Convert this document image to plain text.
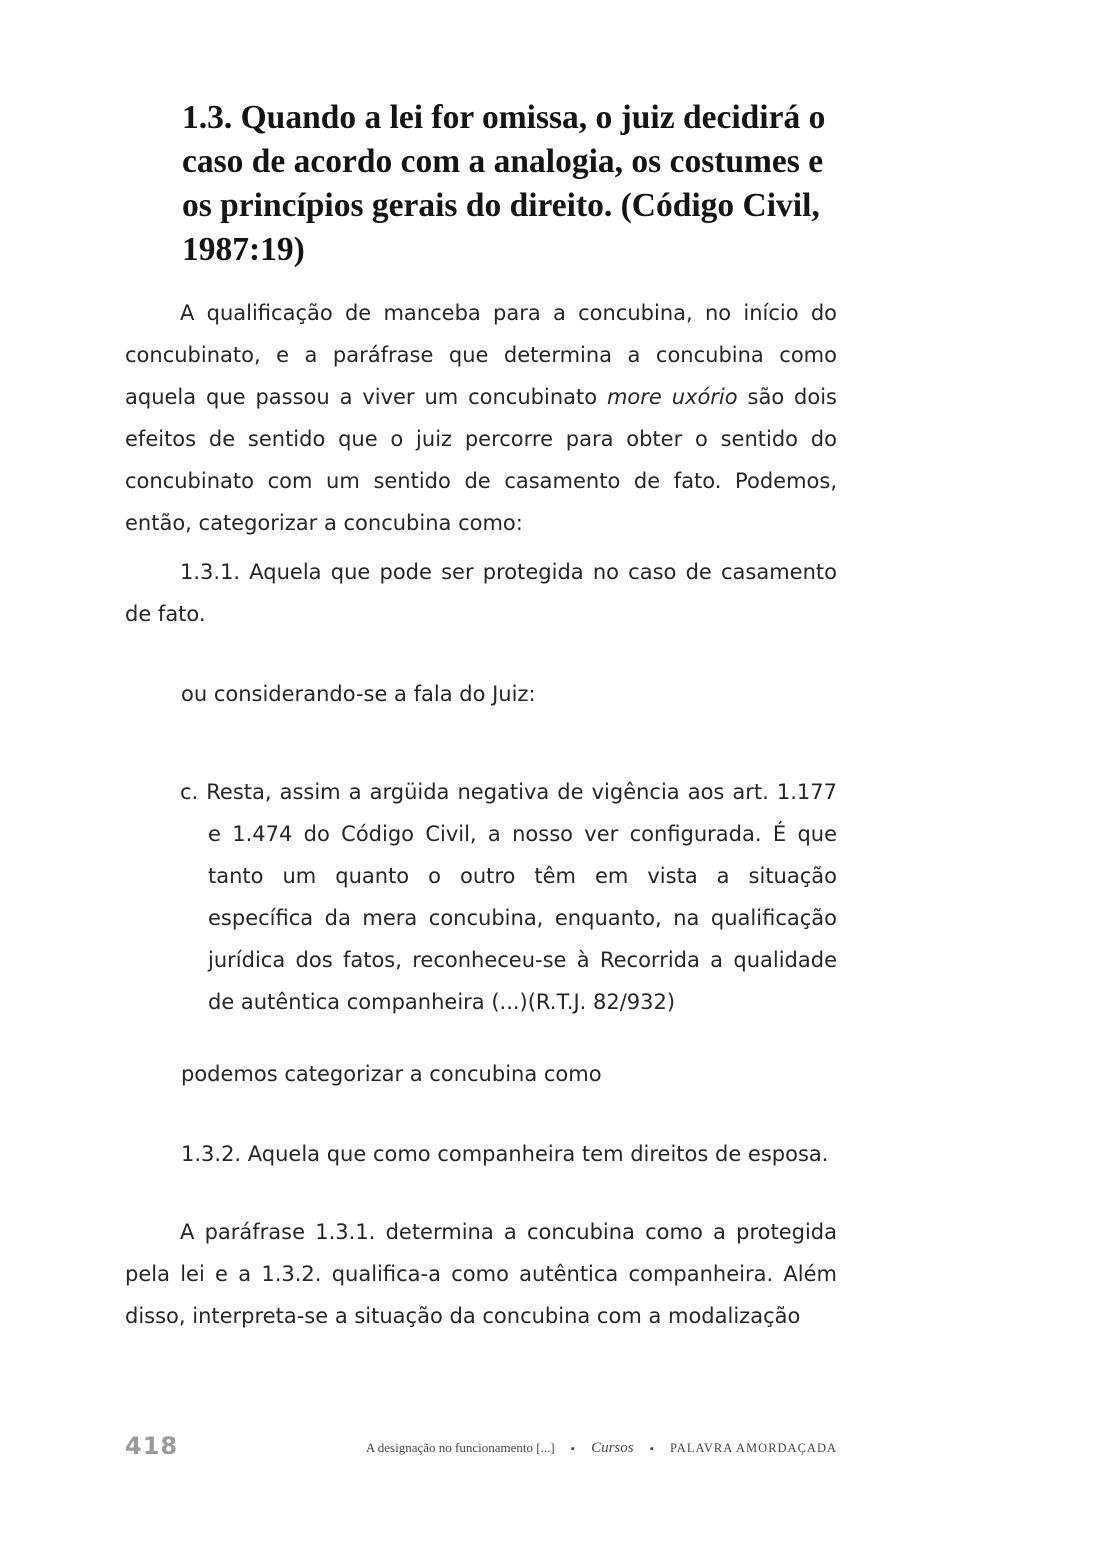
1.3. Quando a lei for omissa, o juiz decidirá o
caso de acordo com a analogia, os costumes e
os princípios gerais do direito. (Código Civil,
1987:19)

A qualificação de manceba para a concubina, no início do concubinato, e a paráfrase que determina a concubina como aquela que passou a viver um concubinato more uxório são dois efeitos de sentido que o juiz percorre para obter o sentido do concubinato com um sentido de casamento de fato. Podemos, então, categorizar a concubina como:

1.3.1. Aquela que pode ser protegida no caso de casamento de fato.

ou considerando-se a fala do Juiz:

c. Resta, assim a argüida negativa de vigência aos art. 1.177 e 1.474 do Código Civil, a nosso ver configurada. É que tanto um quanto o outro têm em vista a situação específica da mera concubina, enquanto, na qualificação jurídica dos fatos, reconheceu-se à Recorrida a qualidade de autêntica companheira (...)(R.T.J. 82/932)

podemos categorizar a concubina como

1.3.2. Aquela que como companheira tem direitos de esposa.

A paráfrase 1.3.1. determina a concubina como a protegida pela lei e a 1.3.2. qualifica-a como autêntica companheira. Além disso, interpreta-se a situação da concubina com a modalização

418	A designação no funcionamento [...] ▪ Cursos ▪ PALAVRA AMORDAÇADA
